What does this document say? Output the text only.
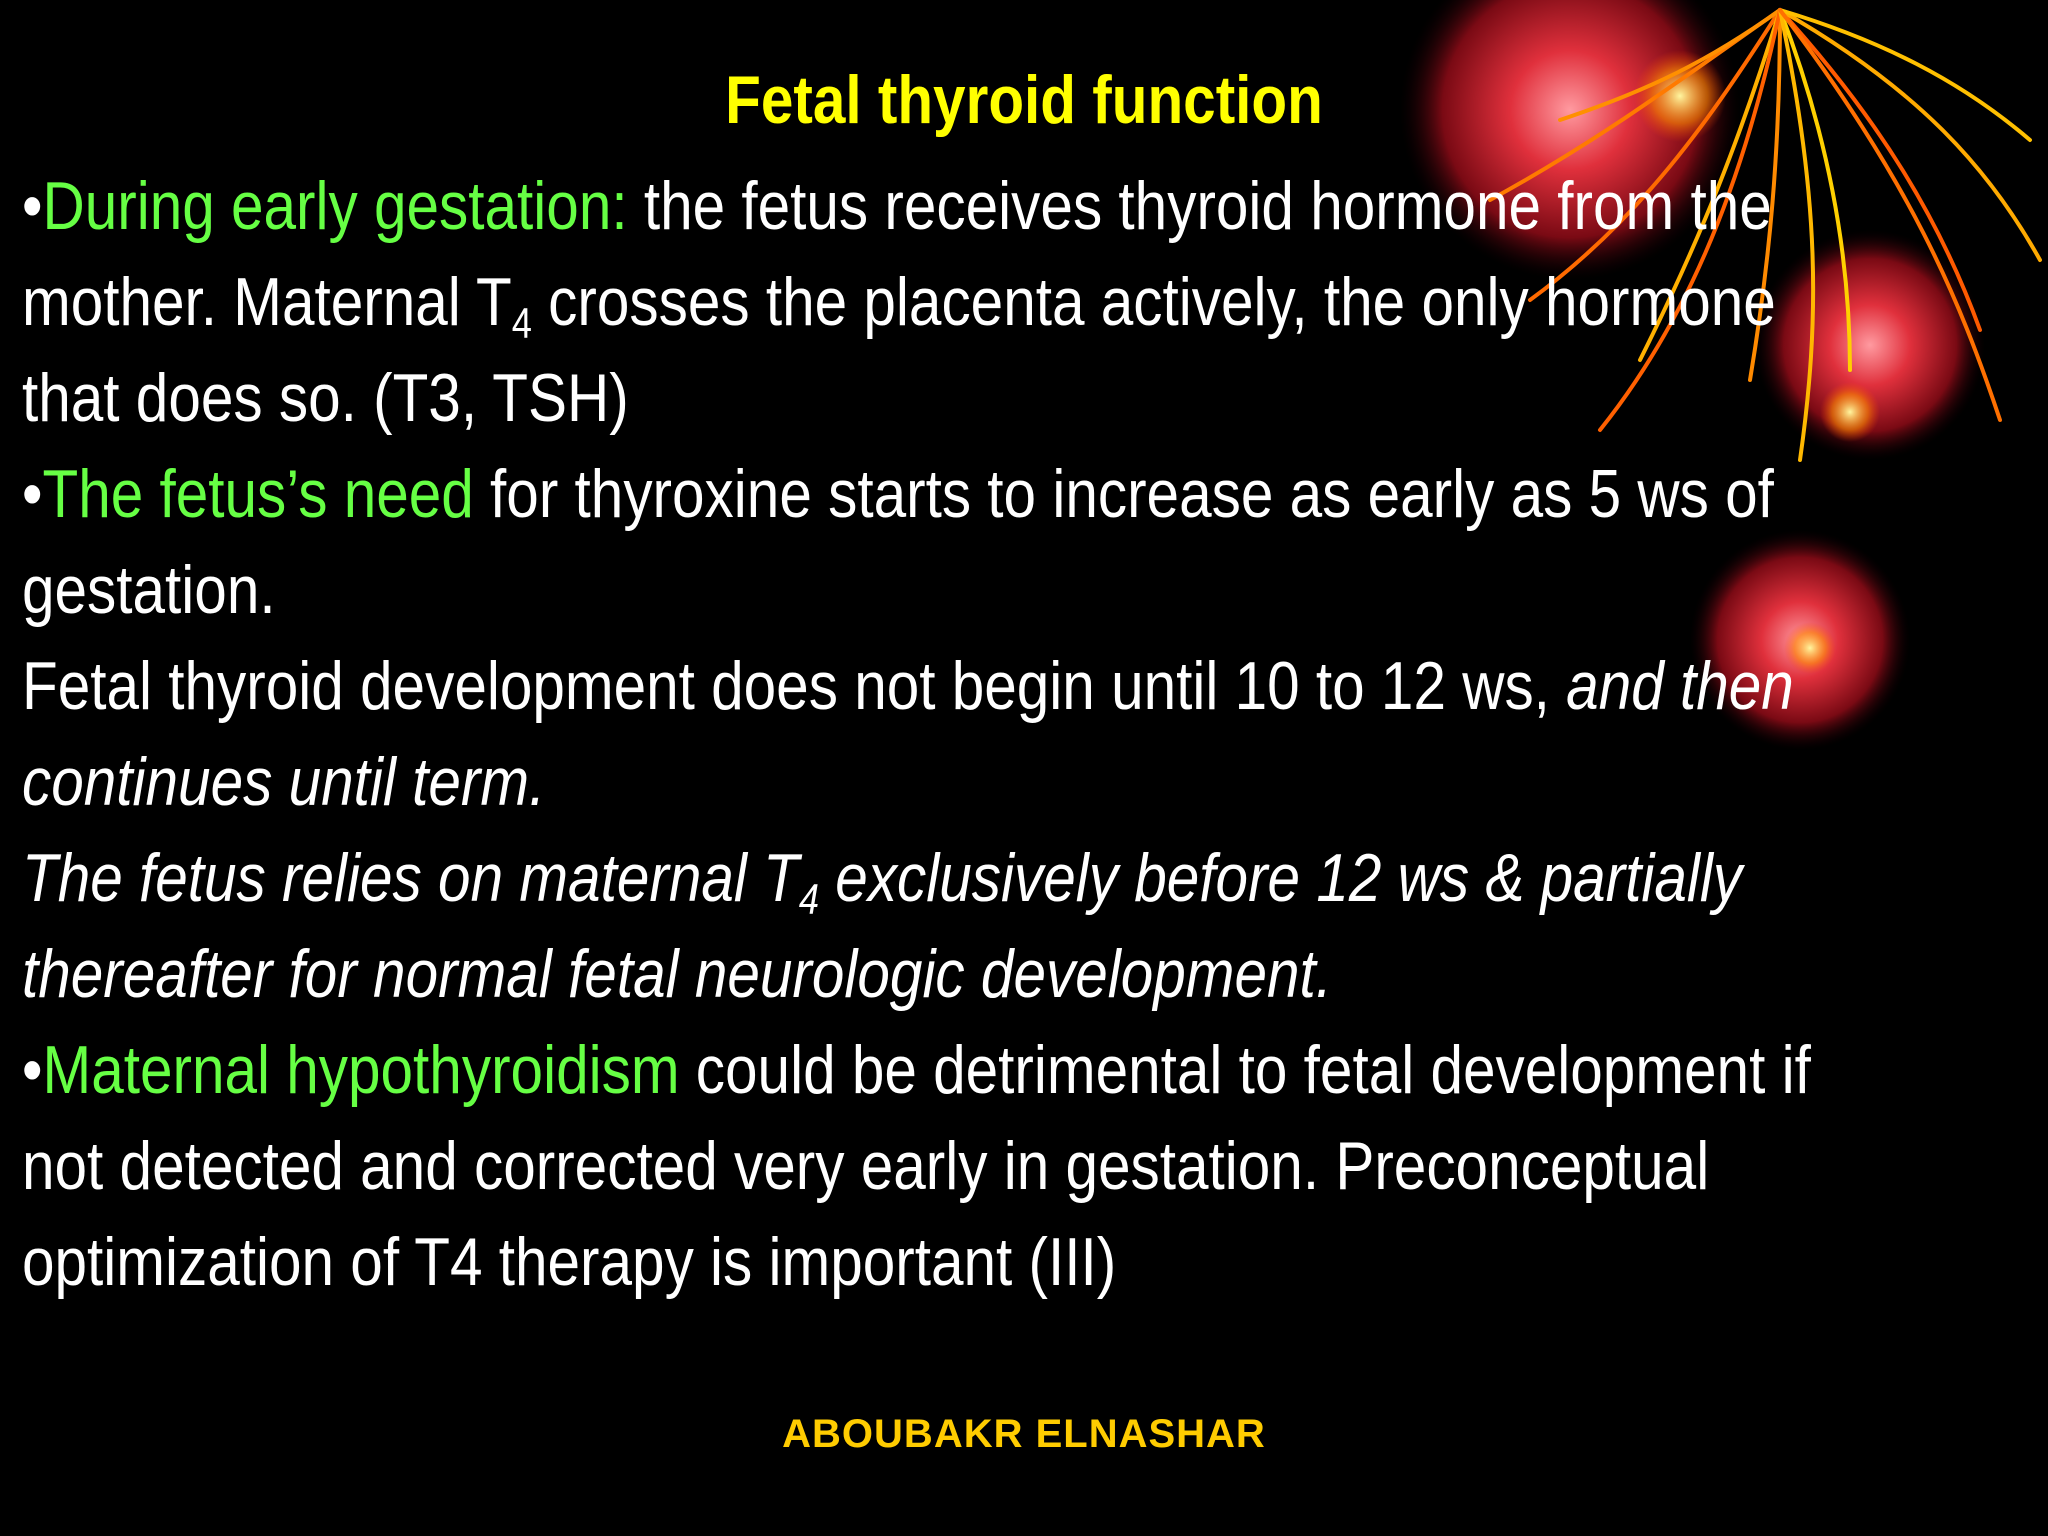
Fetal thyroid function
•During early gestation: the fetus receives thyroid hormone from the
mother. Maternal $T_4$ crosses the placenta actively, the only hormone
that does so. (T3, TSH)
•The fetus’s need for thyroxine starts to increase as early as 5 ws of
gestation.
Fetal thyroid development does not begin until 10 to 12 ws, and then
continues until term.
The fetus relies on maternal $T_4$ exclusively before 12 ws & partially
thereafter for normal fetal neurologic development.
•Maternal hypothyroidism could be detrimental to fetal development if
not detected and corrected very early in gestation. Preconceptual
optimization of T4 therapy is important (III)
ABOUBAKR ELNASHAR
